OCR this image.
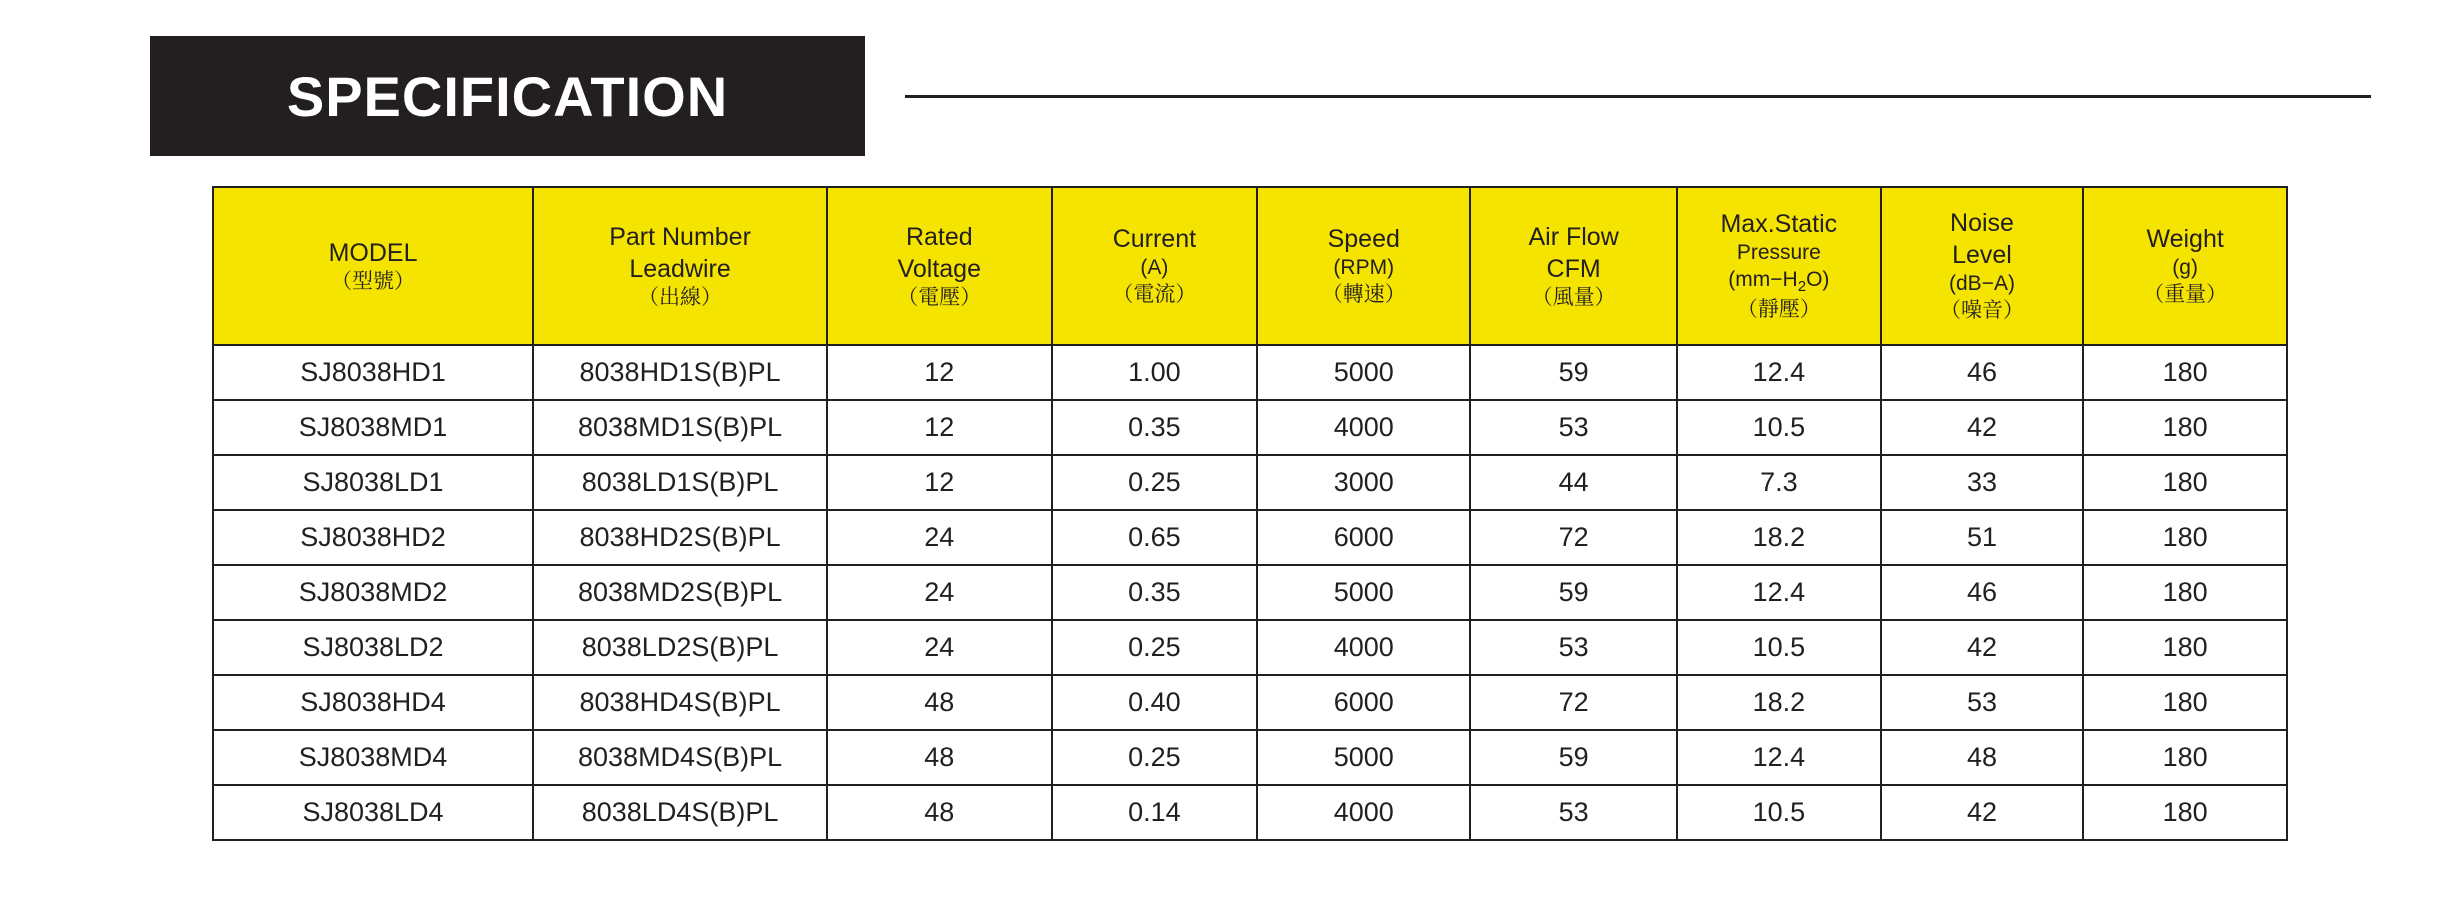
SPECIFICATION
MODEL
（型號）	Part Number
Leadwire
（出線）	Rated
Voltage
（電壓）	Current
(A)
（電流）	Speed
(RPM)
（轉速）	Air Flow
CFM
（風量）	Max.Static
Pressure
$(mm-H_2O)$
（靜壓）	Noise
Level
(dB−A)
（噪音）	Weight
(g)
（重量）

SJ8038HD1	8038HD1S(B)PL	12	1.00	5000	59	12.4	46	180
SJ8038MD1	8038MD1S(B)PL	12	0.35	4000	53	10.5	42	180
SJ8038LD1	8038LD1S(B)PL	12	0.25	3000	44	7.3	33	180
SJ8038HD2	8038HD2S(B)PL	24	0.65	6000	72	18.2	51	180
SJ8038MD2	8038MD2S(B)PL	24	0.35	5000	59	12.4	46	180
SJ8038LD2	8038LD2S(B)PL	24	0.25	4000	53	10.5	42	180
SJ8038HD4	8038HD4S(B)PL	48	0.40	6000	72	18.2	53	180
SJ8038MD4	8038MD4S(B)PL	48	0.25	5000	59	12.4	48	180
SJ8038LD4	8038LD4S(B)PL	48	0.14	4000	53	10.5	42	180
